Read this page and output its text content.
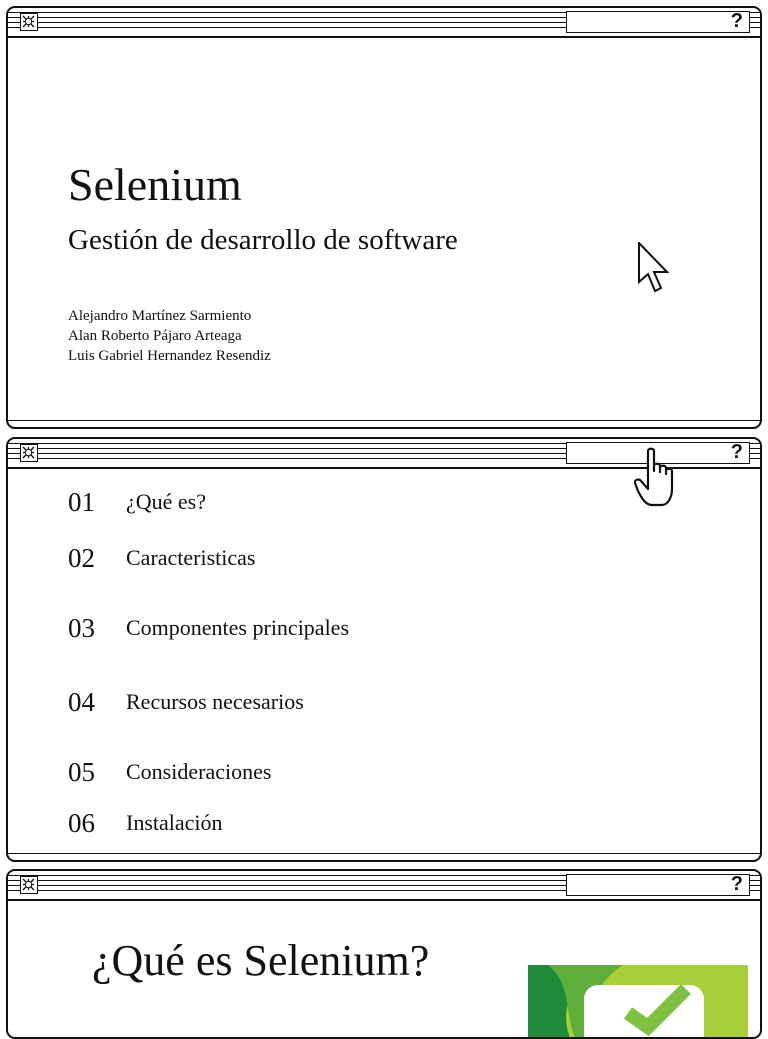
?
Selenium
Gestión de desarrollo de software
Alejandro Martínez Sarmiento
Alan Roberto Pájaro Arteaga
Luis Gabriel Hernandez Resendiz
?
01 ¿Qué es?
02 Caracteristicas
03 Componentes principales
04 Recursos necesarios
05 Consideraciones
06 Instalación
?
¿Qué es Selenium?
